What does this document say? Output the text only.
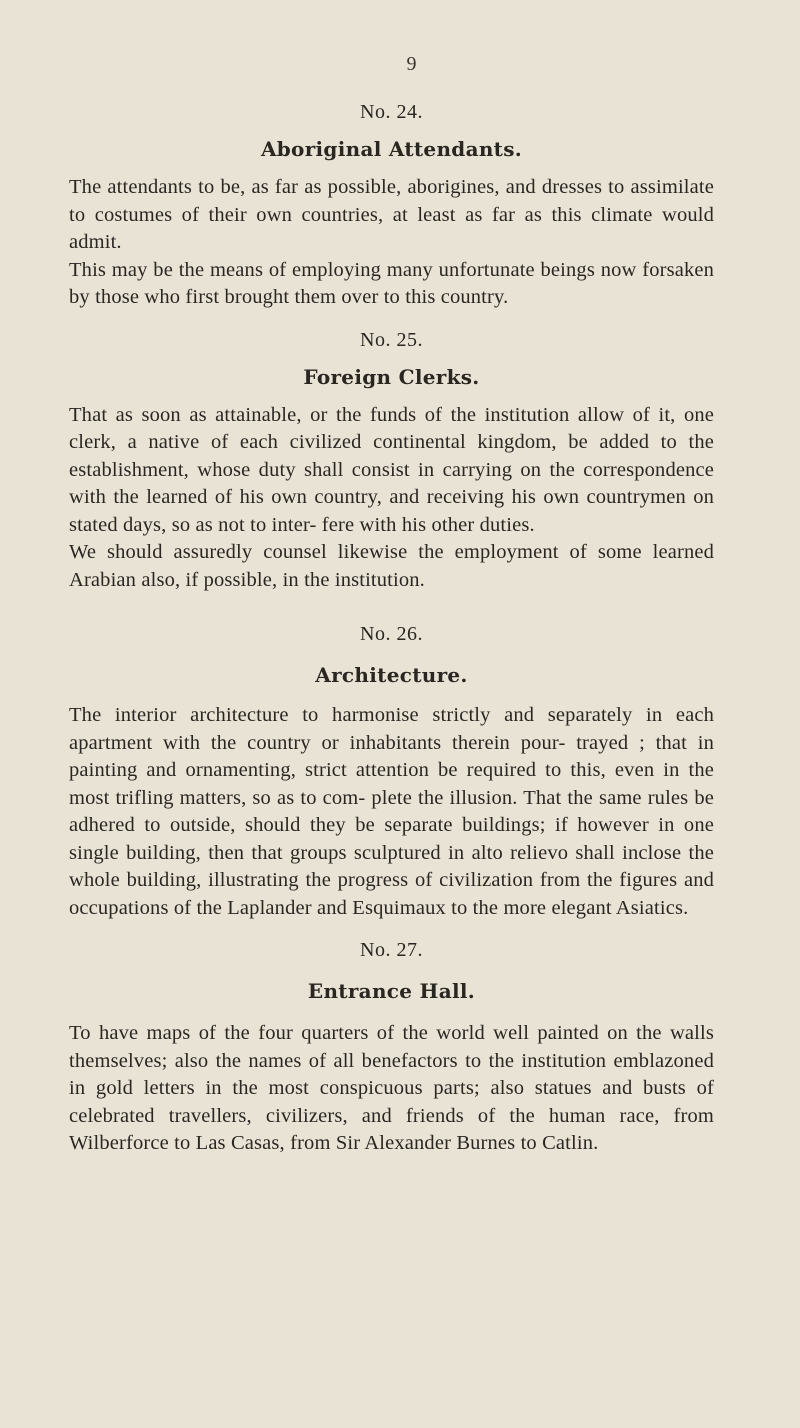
9
No. 24.
Aboriginal Attendants.

The attendants to be, as far as possible, aborigines, and dresses to assimilate to costumes of their own countries, at least as far as this climate would admit.

This may be the means of employing many unfortunate beings now forsaken by those who first brought them over to this country.

No. 25.
Foreign Clerks.

That as soon as attainable, or the funds of the institution allow of it, one clerk, a native of each civilized continental kingdom, be added to the establishment, whose duty shall consist in carrying on the correspondence with the learned of his own country, and receiving his own countrymen on stated days, so as not to inter- fere with his other duties.

We should assuredly counsel likewise the employment of some learned Arabian also, if possible, in the institution.

No. 26.
Architecture.

The interior architecture to harmonise strictly and separately in each apartment with the country or inhabitants therein pour- trayed ; that in painting and ornamenting, strict attention be required to this, even in the most trifling matters, so as to com- plete the illusion. That the same rules be adhered to outside, should they be separate buildings; if however in one single building, then that groups sculptured in alto relievo shall inclose the whole building, illustrating the progress of civilization from the figures and occupations of the Laplander and Esquimaux to the more elegant Asiatics.

No. 27.
Entrance Hall.

To have maps of the four quarters of the world well painted on the walls themselves; also the names of all benefactors to the institution emblazoned in gold letters in the most conspicuous parts; also statues and busts of celebrated travellers, civilizers, and friends of the human race, from Wilberforce to Las Casas, from Sir Alexander Burnes to Catlin.
